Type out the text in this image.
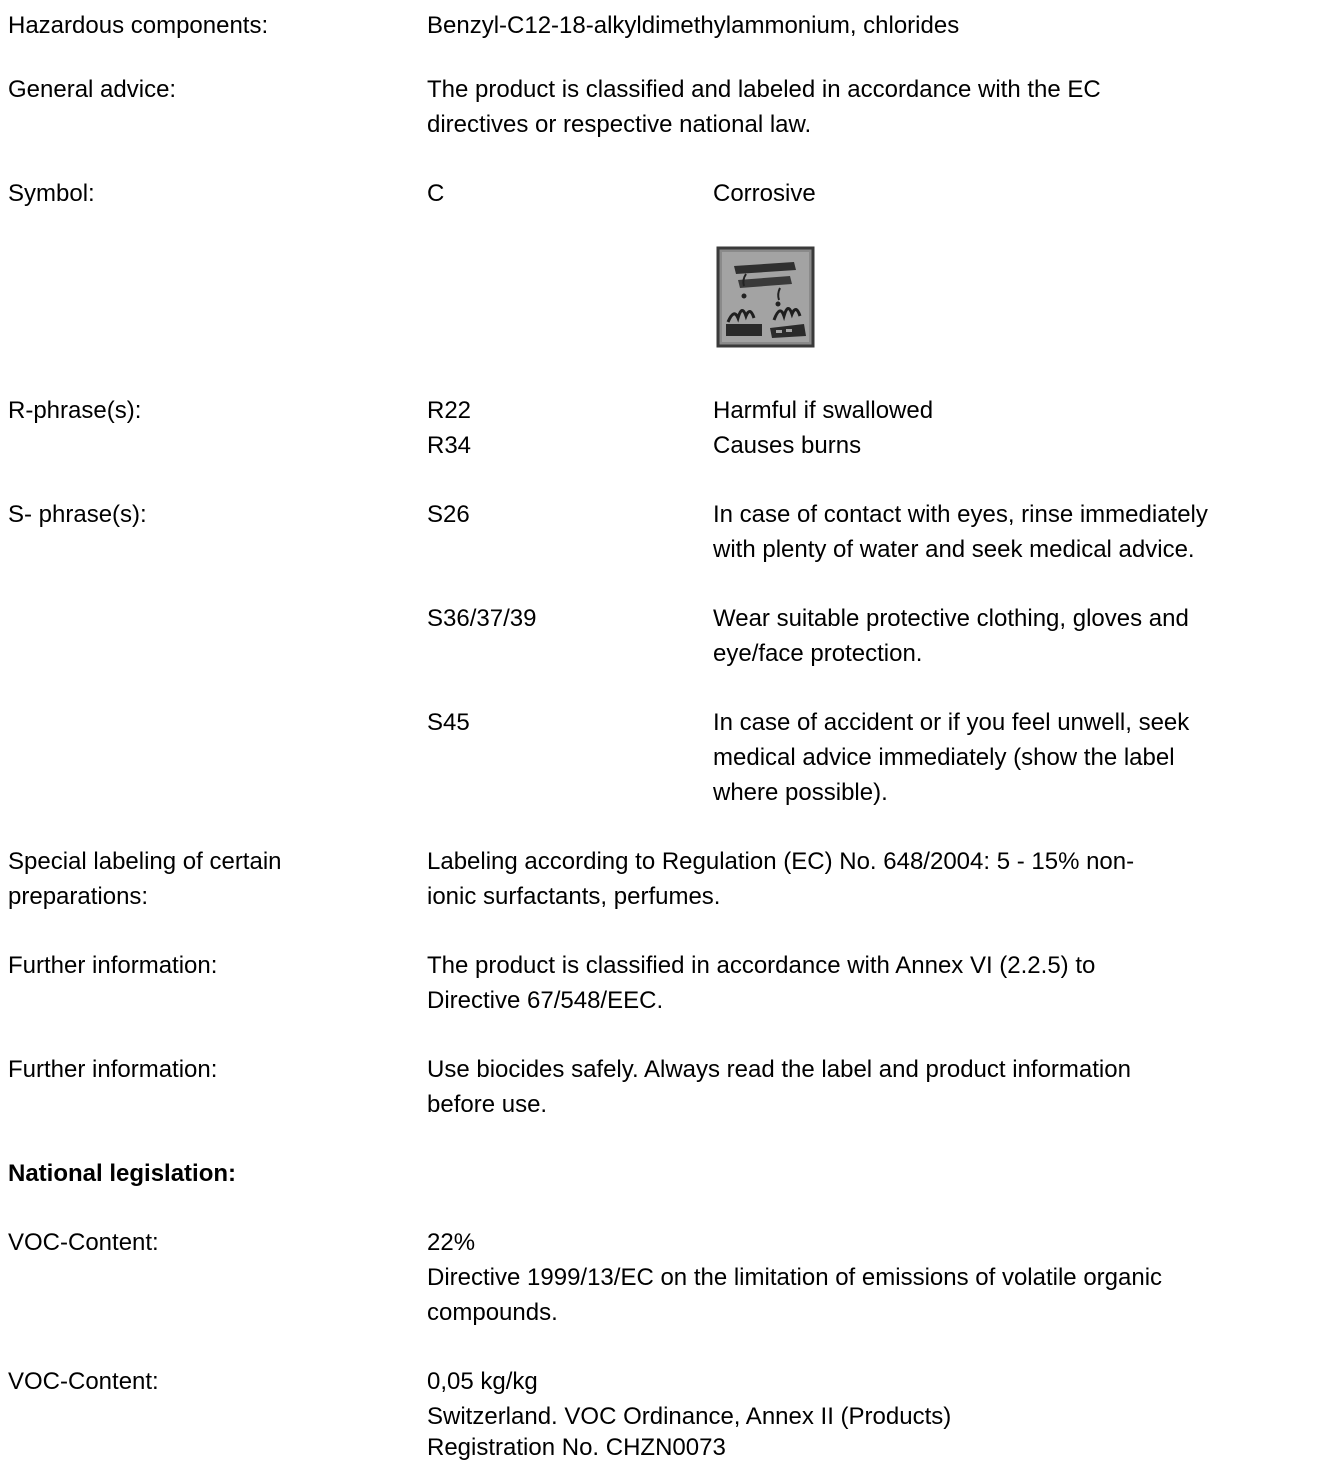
Hazardous components:	Benzyl-C12-18-alkyldimethylammonium, chlorides

General advice:	The product is classified and labeled in accordance with the EC

directives or respective national law.

Symbol:	C	Corrosive

R-phrase(s):	R22	Harmful if swallowed

R34	Causes burns

S- phrase(s):	S26	In case of contact with eyes, rinse immediately

with plenty of water and seek medical advice.

S36/37/39	Wear suitable protective clothing, gloves and

eye/face protection.

S45	In case of accident or if you feel unwell, seek

medical advice immediately (show the label

where possible).

Special labeling of certain

preparations:

Labeling according to Regulation (EC) No. 648/2004: 5 - 15% non-

ionic surfactants, perfumes.

Further information:	The product is classified in accordance with Annex VI (2.2.5) to

Directive 67/548/EEC.

Further information:	Use biocides safely. Always read the label and product information

before use.

National legislation:

VOC-Content:	22%

Directive 1999/13/EC on the limitation of emissions of volatile organic

compounds.

VOC-Content:	0,05 kg/kg

Switzerland. VOC Ordinance, Annex II (Products)

Registration No. CHZN0073
